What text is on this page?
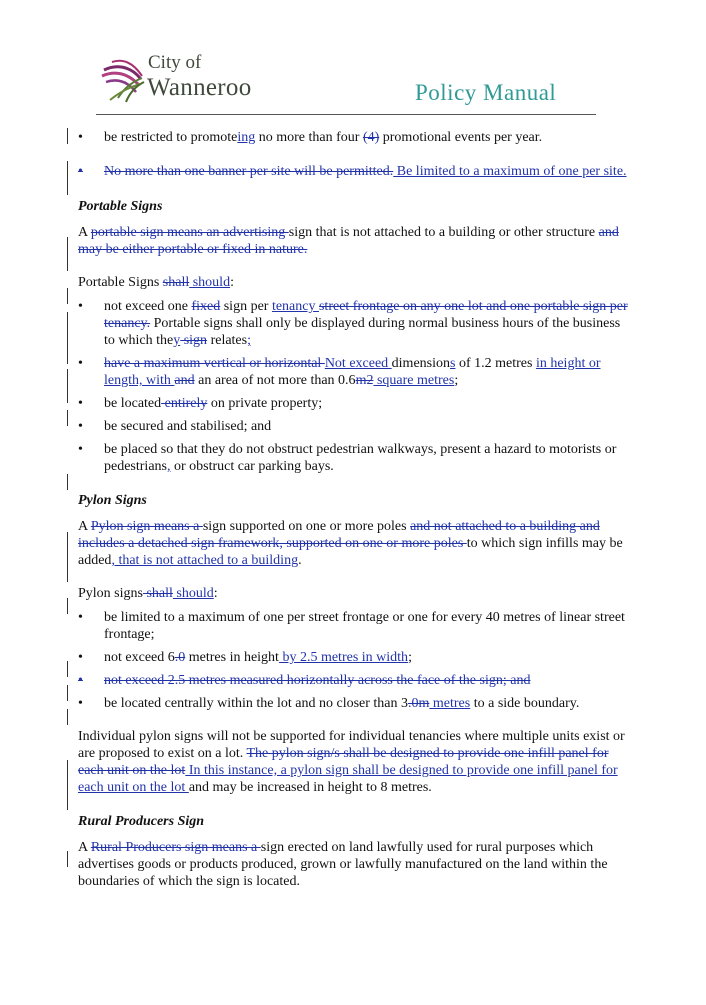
City of
Wanneroo	Policy Manual
• be restricted to promoteing no more than four (4) promotional events per year.
• No more than one banner per site will be permitted. Be limited to a maximum of one per site.

Portable Signs

A portable sign means an advertising sign that is not attached to a building or other structure and may be either portable or fixed in nature.

Portable Signs shall should:

• not exceed one fixed sign per tenancy street frontage on any one lot and one portable sign per tenancy. Portable signs shall only be displayed during normal business hours of the business to which they sign relates;
• have a maximum vertical or horizontal Not exceed dimensions of 1.2 metres in height or length, with and an area of not more than 0.6m2 square metres;
• be located entirely on private property;
• be secured and stabilised; and
• be placed so that they do not obstruct pedestrian walkways, present a hazard to motorists or pedestrians, or obstruct car parking bays.

Pylon Signs

A Pylon sign means a sign supported on one or more poles and not attached to a building and includes a detached sign framework, supported on one or more poles to which sign infills may be added, that is not attached to a building.

Pylon signs shall should:

• be limited to a maximum of one per street frontage or one for every 40 metres of linear street frontage;
• not exceed 6.0 metres in height by 2.5 metres in width;
• not exceed 2.5 metres measured horizontally across the face of the sign; and
• be located centrally within the lot and no closer than 3.0m metres to a side boundary.

Individual pylon signs will not be supported for individual tenancies where multiple units exist or are proposed to exist on a lot. The pylon sign/s shall be designed to provide one infill panel for each unit on the lot In this instance, a pylon sign shall be designed to provide one infill panel for each unit on the lot and may be increased in height to 8 metres.

Rural Producers Sign

A Rural Producers sign means a sign erected on land lawfully used for rural purposes which advertises goods or products produced, grown or lawfully manufactured on the land within the boundaries of which the sign is located.
